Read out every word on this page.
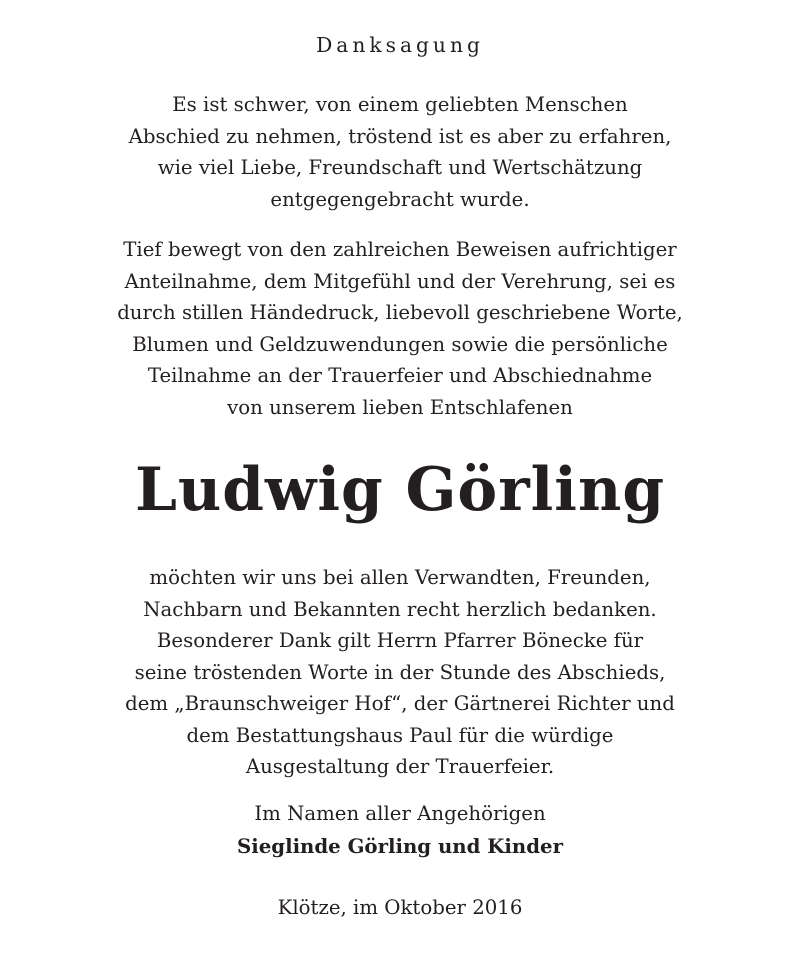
Danksagung
Es ist schwer, von einem geliebten Menschen
Abschied zu nehmen, tröstend ist es aber zu erfahren,
wie viel Liebe, Freundschaft und Wertschätzung
entgegengebracht wurde.
Tief bewegt von den zahlreichen Beweisen aufrichtiger
Anteilnahme, dem Mitgefühl und der Verehrung, sei es
durch stillen Händedruck, liebevoll geschriebene Worte,
Blumen und Geldzuwendungen sowie die persönliche
Teilnahme an der Trauerfeier und Abschiednahme
von unserem lieben Entschlafenen
Ludwig Görling
möchten wir uns bei allen Verwandten, Freunden,
Nachbarn und Bekannten recht herzlich bedanken.
Besonderer Dank gilt Herrn Pfarrer Bönecke für
seine tröstenden Worte in der Stunde des Abschieds,
dem „Braunschweiger Hof“, der Gärtnerei Richter und
dem Bestattungshaus Paul für die würdige
Ausgestaltung der Trauerfeier.
Im Namen aller Angehörigen
Sieglinde Görling und Kinder
Klötze, im Oktober 2016
